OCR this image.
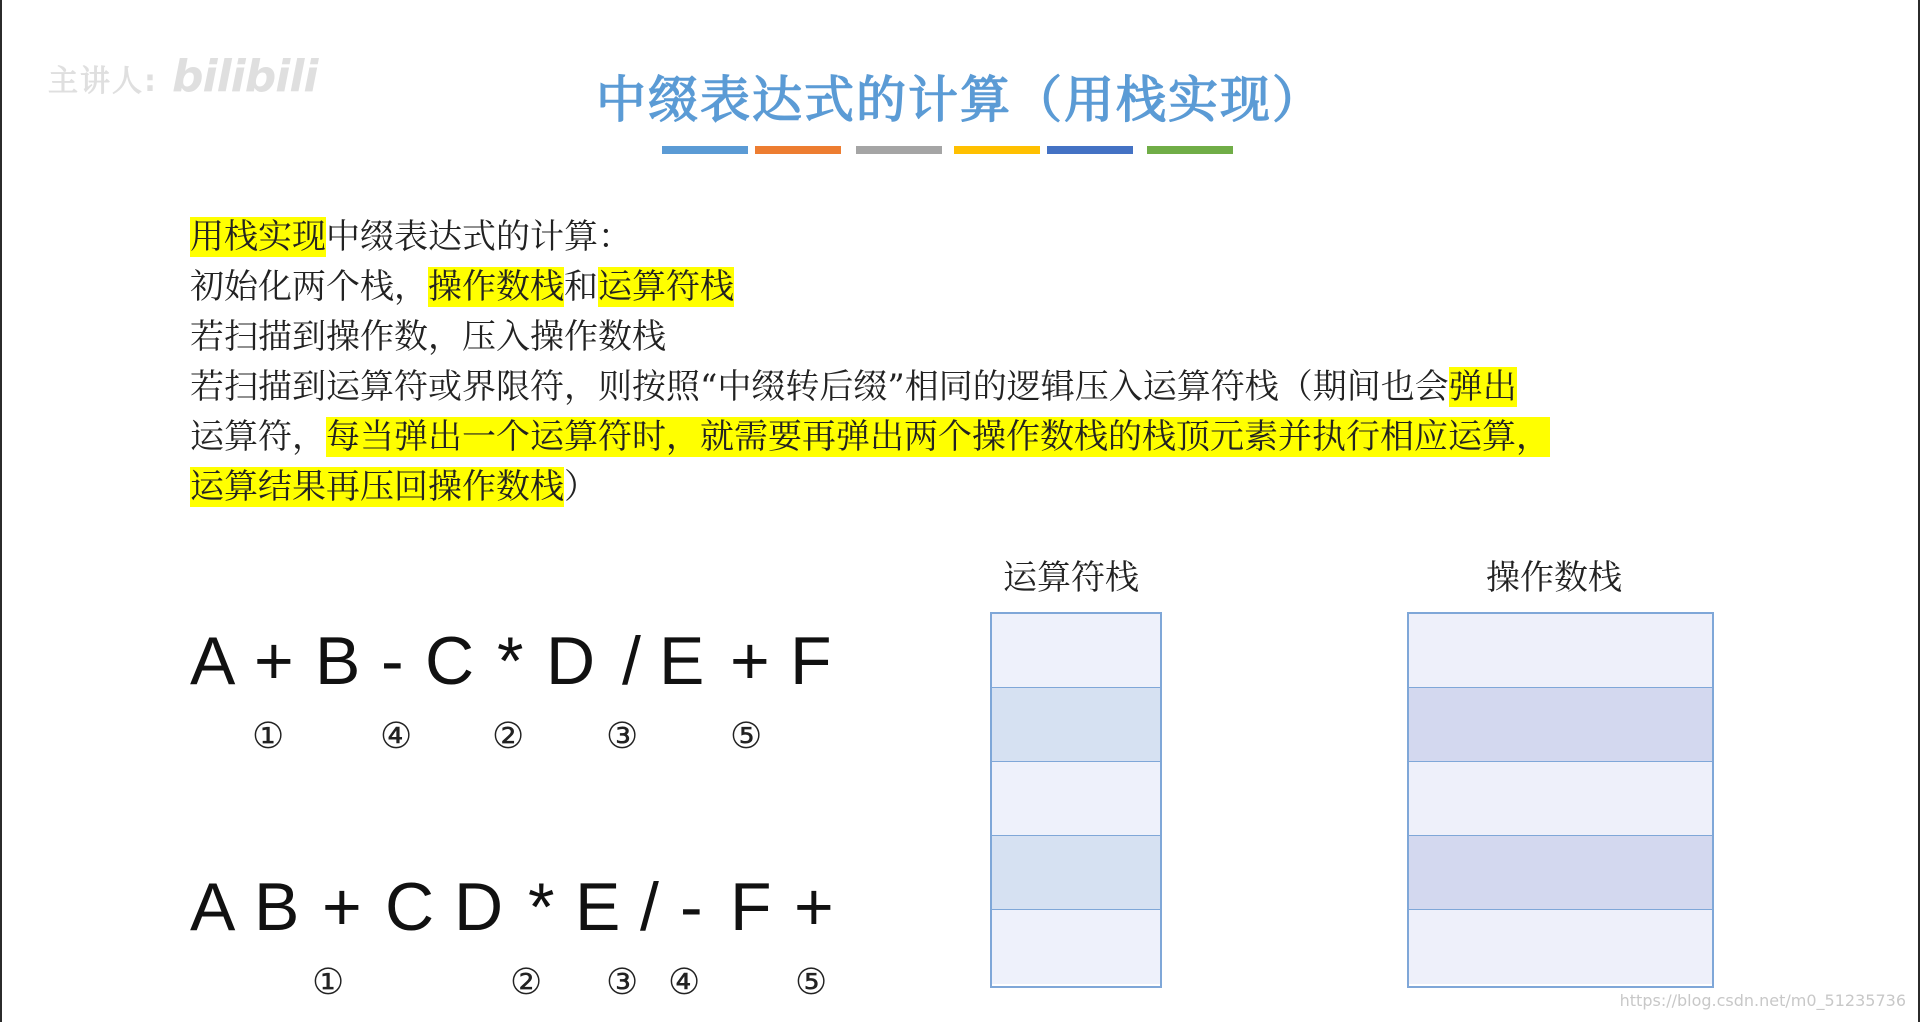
主讲人: bilibili	中缀表达式的计算（用栈实现）
用栈实现中缀表达式的计算：
初始化两个栈，操作数栈和运算符栈
若扫描到操作数，压入操作数栈
若扫描到运算符或界限符，则按照“中缀转后缀”相同的逻辑压入运算符栈（期间也会弹出
运算符，每当弹出一个运算符时，就需要再弹出两个操作数栈的栈顶元素并执行相应运算，
运算结果再压回操作数栈）
A + B - C * D / E + F
①	④ ② ③	⑤
A B + C D * E / - F +
①	② ③ ④	⑤
运算符栈	操作数栈
https://blog.csdn.net/m0_51235736
